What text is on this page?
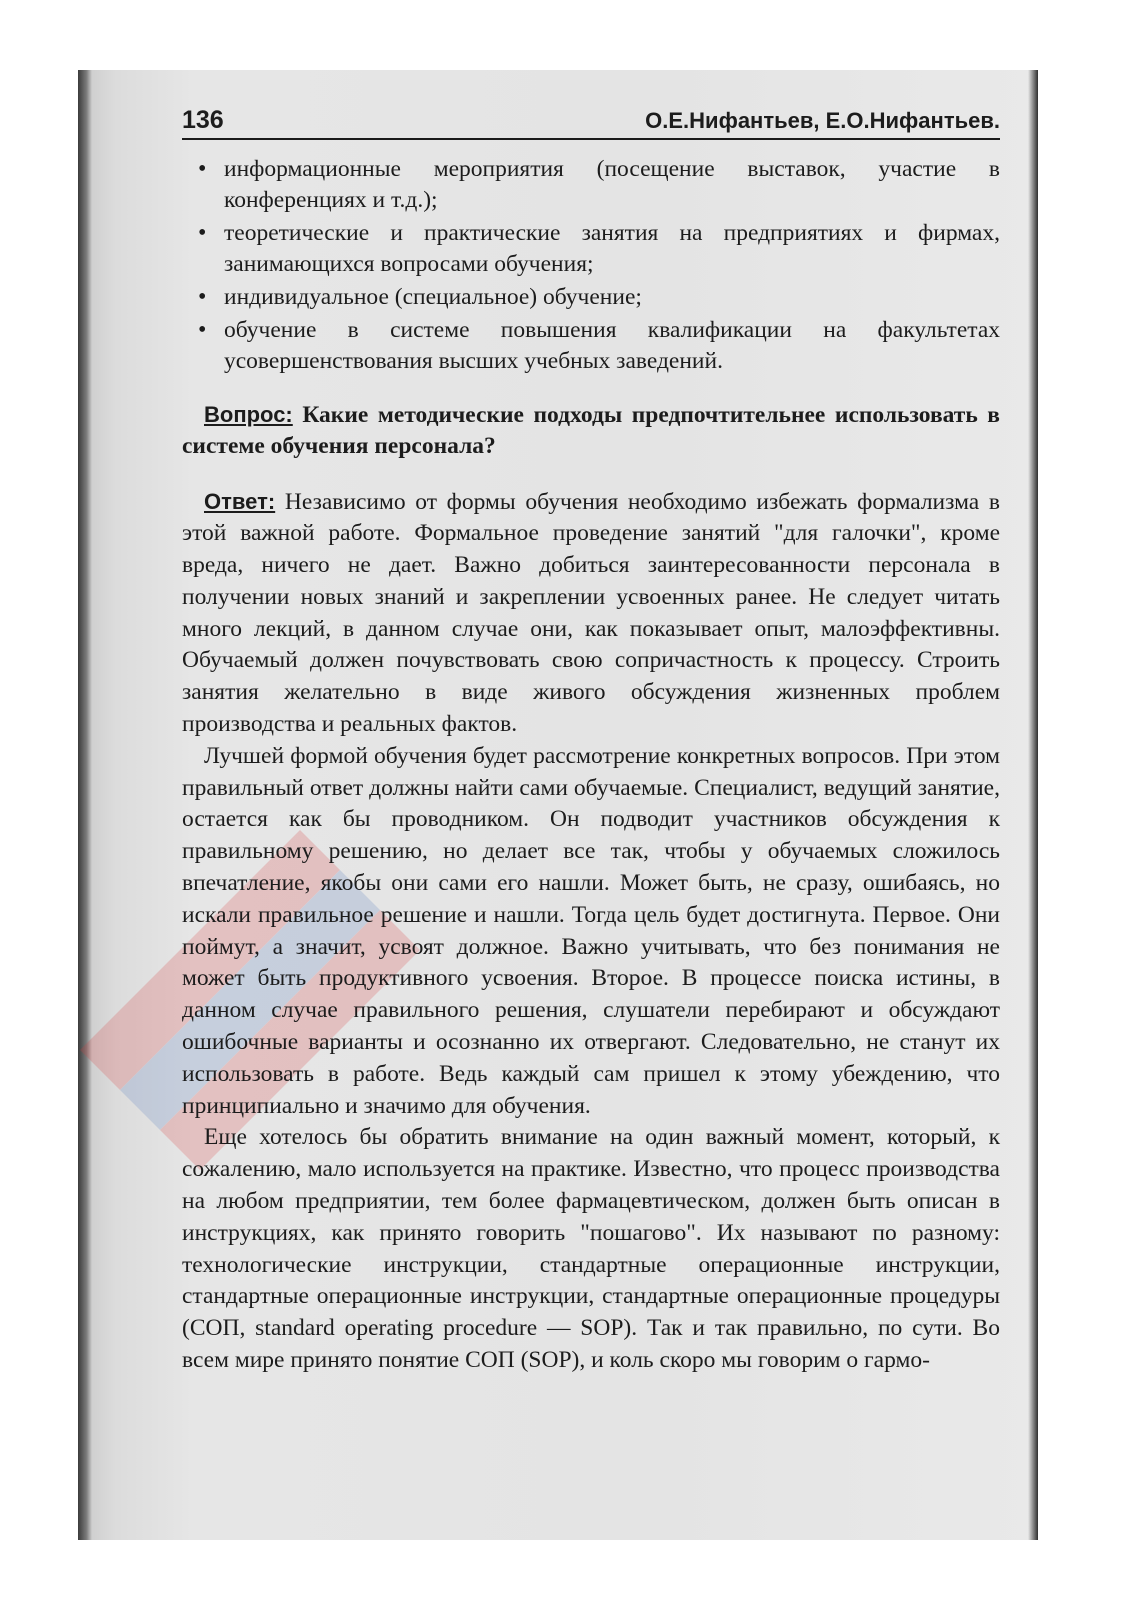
136	О.Е.Нифантьев, Е.О.Нифантьев.
• информационные мероприятия (посещение выставок, участие в конференциях и т.д.);
• теоретические и практические занятия на предприятиях и фирмах, занимающихся вопросами обучения;
• индивидуальное (специальное) обучение;
• обучение в системе повышения квалификации на факультетах усовершенствования высших учебных заведений.

Вопрос: Какие методические подходы предпочтительнее использовать в системе обучения персонала?

Ответ: Независимо от формы обучения необходимо избежать формализма в этой важной работе. Формальное проведение занятий "для галочки", кроме вреда, ничего не дает. Важно добиться заинтересованности персонала в получении новых знаний и закреплении усвоенных ранее. Не следует читать много лекций, в данном случае они, как показывает опыт, малоэффективны. Обучаемый должен почувствовать свою сопричастность к процессу. Строить занятия желательно в виде живого обсуждения жизненных проблем производства и реальных фактов.

Лучшей формой обучения будет рассмотрение конкретных вопросов. При этом правильный ответ должны найти сами обучаемые. Специалист, ведущий занятие, остается как бы проводником. Он подводит участников обсуждения к правильному решению, но делает все так, чтобы у обучаемых сложилось впечатление, якобы они сами его нашли. Может быть, не сразу, ошибаясь, но искали правильное решение и нашли. Тогда цель будет достигнута. Первое. Они поймут, а значит, усвоят должное. Важно учитывать, что без понимания не может быть продуктивного усвоения. Второе. В процессе поиска истины, в данном случае правильного решения, слушатели перебирают и обсуждают ошибочные варианты и осознанно их отвергают. Следовательно, не станут их использовать в работе. Ведь каждый сам пришел к этому убеждению, что принципиально и значимо для обучения.

Еще хотелось бы обратить внимание на один важный момент, который, к сожалению, мало используется на практике. Известно, что процесс производства на любом предприятии, тем более фармацевтическом, должен быть описан в инструкциях, как принято говорить "пошагово". Их называют по разному: технологические инструкции, стандартные операционные инструкции, стандартные операционные инструкции, стандартные операционные процедуры (СОП, standard operating procedure — SOP). Так и так правильно, по сути. Во всем мире принято понятие СОП (SOP), и коль скоро мы говорим о гармо-
